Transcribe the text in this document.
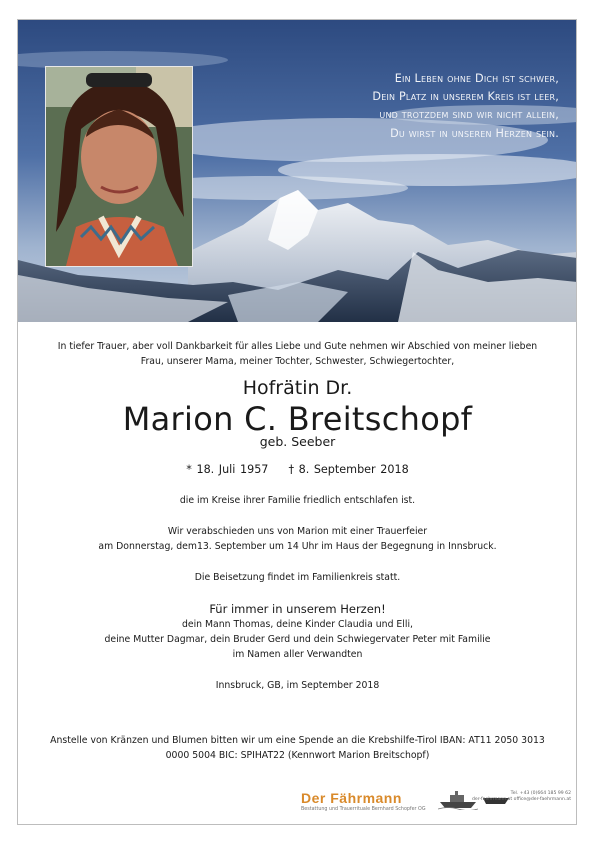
Ein Leben ohne Dich ist schwer,
Dein Platz in unserem Kreis ist leer,
und trotzdem sind wir nicht allein,
Du wirst in unseren Herzen sein.
In tiefer Trauer, aber voll Dankbarkeit für alles Liebe und Gute nehmen wir Abschied von meiner lieben
Frau, unserer Mama, meiner Tochter, Schwester, Schwiegertochter,
Hofrätin Dr.
Marion C. Breitschopf
geb. Seeber
* 18. Juli 1957 † 8. September 2018
die im Kreise ihrer Familie friedlich entschlafen ist.
Wir verabschieden uns von Marion mit einer Trauerfeier
am Donnerstag, dem13. September um 14 Uhr im Haus der Begegnung in Innsbruck.
Die Beisetzung findet im Familienkreis statt.
Für immer in unserem Herzen!
dein Mann Thomas, deine Kinder Claudia und Elli,
deine Mutter Dagmar, dein Bruder Gerd und dein Schwiegervater Peter mit Familie
im Namen aller Verwandten
Innsbruck, GB, im September 2018
Anstelle von Kränzen und Blumen bitten wir um eine Spende an die Krebshilfe-Tirol IBAN: AT11 2050 3013
0000 5004 BIC: SPIHAT22 (Kennwort Marion Breitschopf)
Der Fährmann
Bestattung und Trauerrituale Bernhard Schopfer OG
Tel. +43 (0)664 185 99 62
der-faehrmann.at office@der-faehrmann.at
